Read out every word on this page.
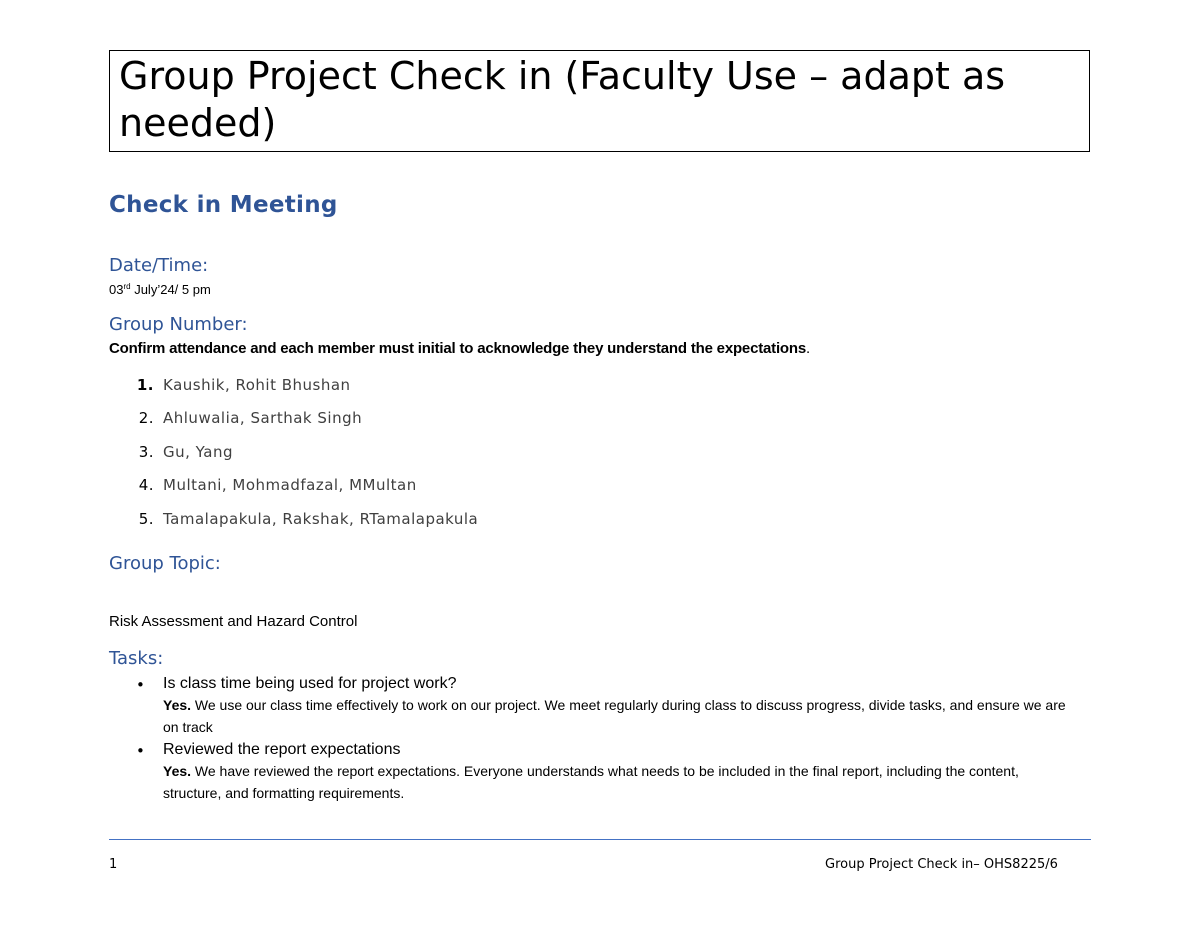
Group Project Check in (Faculty Use – adapt as needed)
Check in Meeting
Date/Time:
03rd July’24/ 5 pm
Group Number:
Confirm attendance and each member must initial to acknowledge they understand the expectations.
1. Kaushik, Rohit Bhushan
2. Ahluwalia, Sarthak Singh
3. Gu, Yang
4. Multani, Mohmadfazal, MMultan
5. Tamalapakula, Rakshak, RTamalapakula
Group Topic:
Risk Assessment and Hazard Control
Tasks:
• Is class time being used for project work?
Yes. We use our class time effectively to work on our project. We meet regularly during class to discuss progress, divide tasks, and ensure we are on track
• Reviewed the report expectations
Yes. We have reviewed the report expectations. Everyone understands what needs to be included in the final report, including the content, structure, and formatting requirements.
1	Group Project Check in– OHS8225/6
